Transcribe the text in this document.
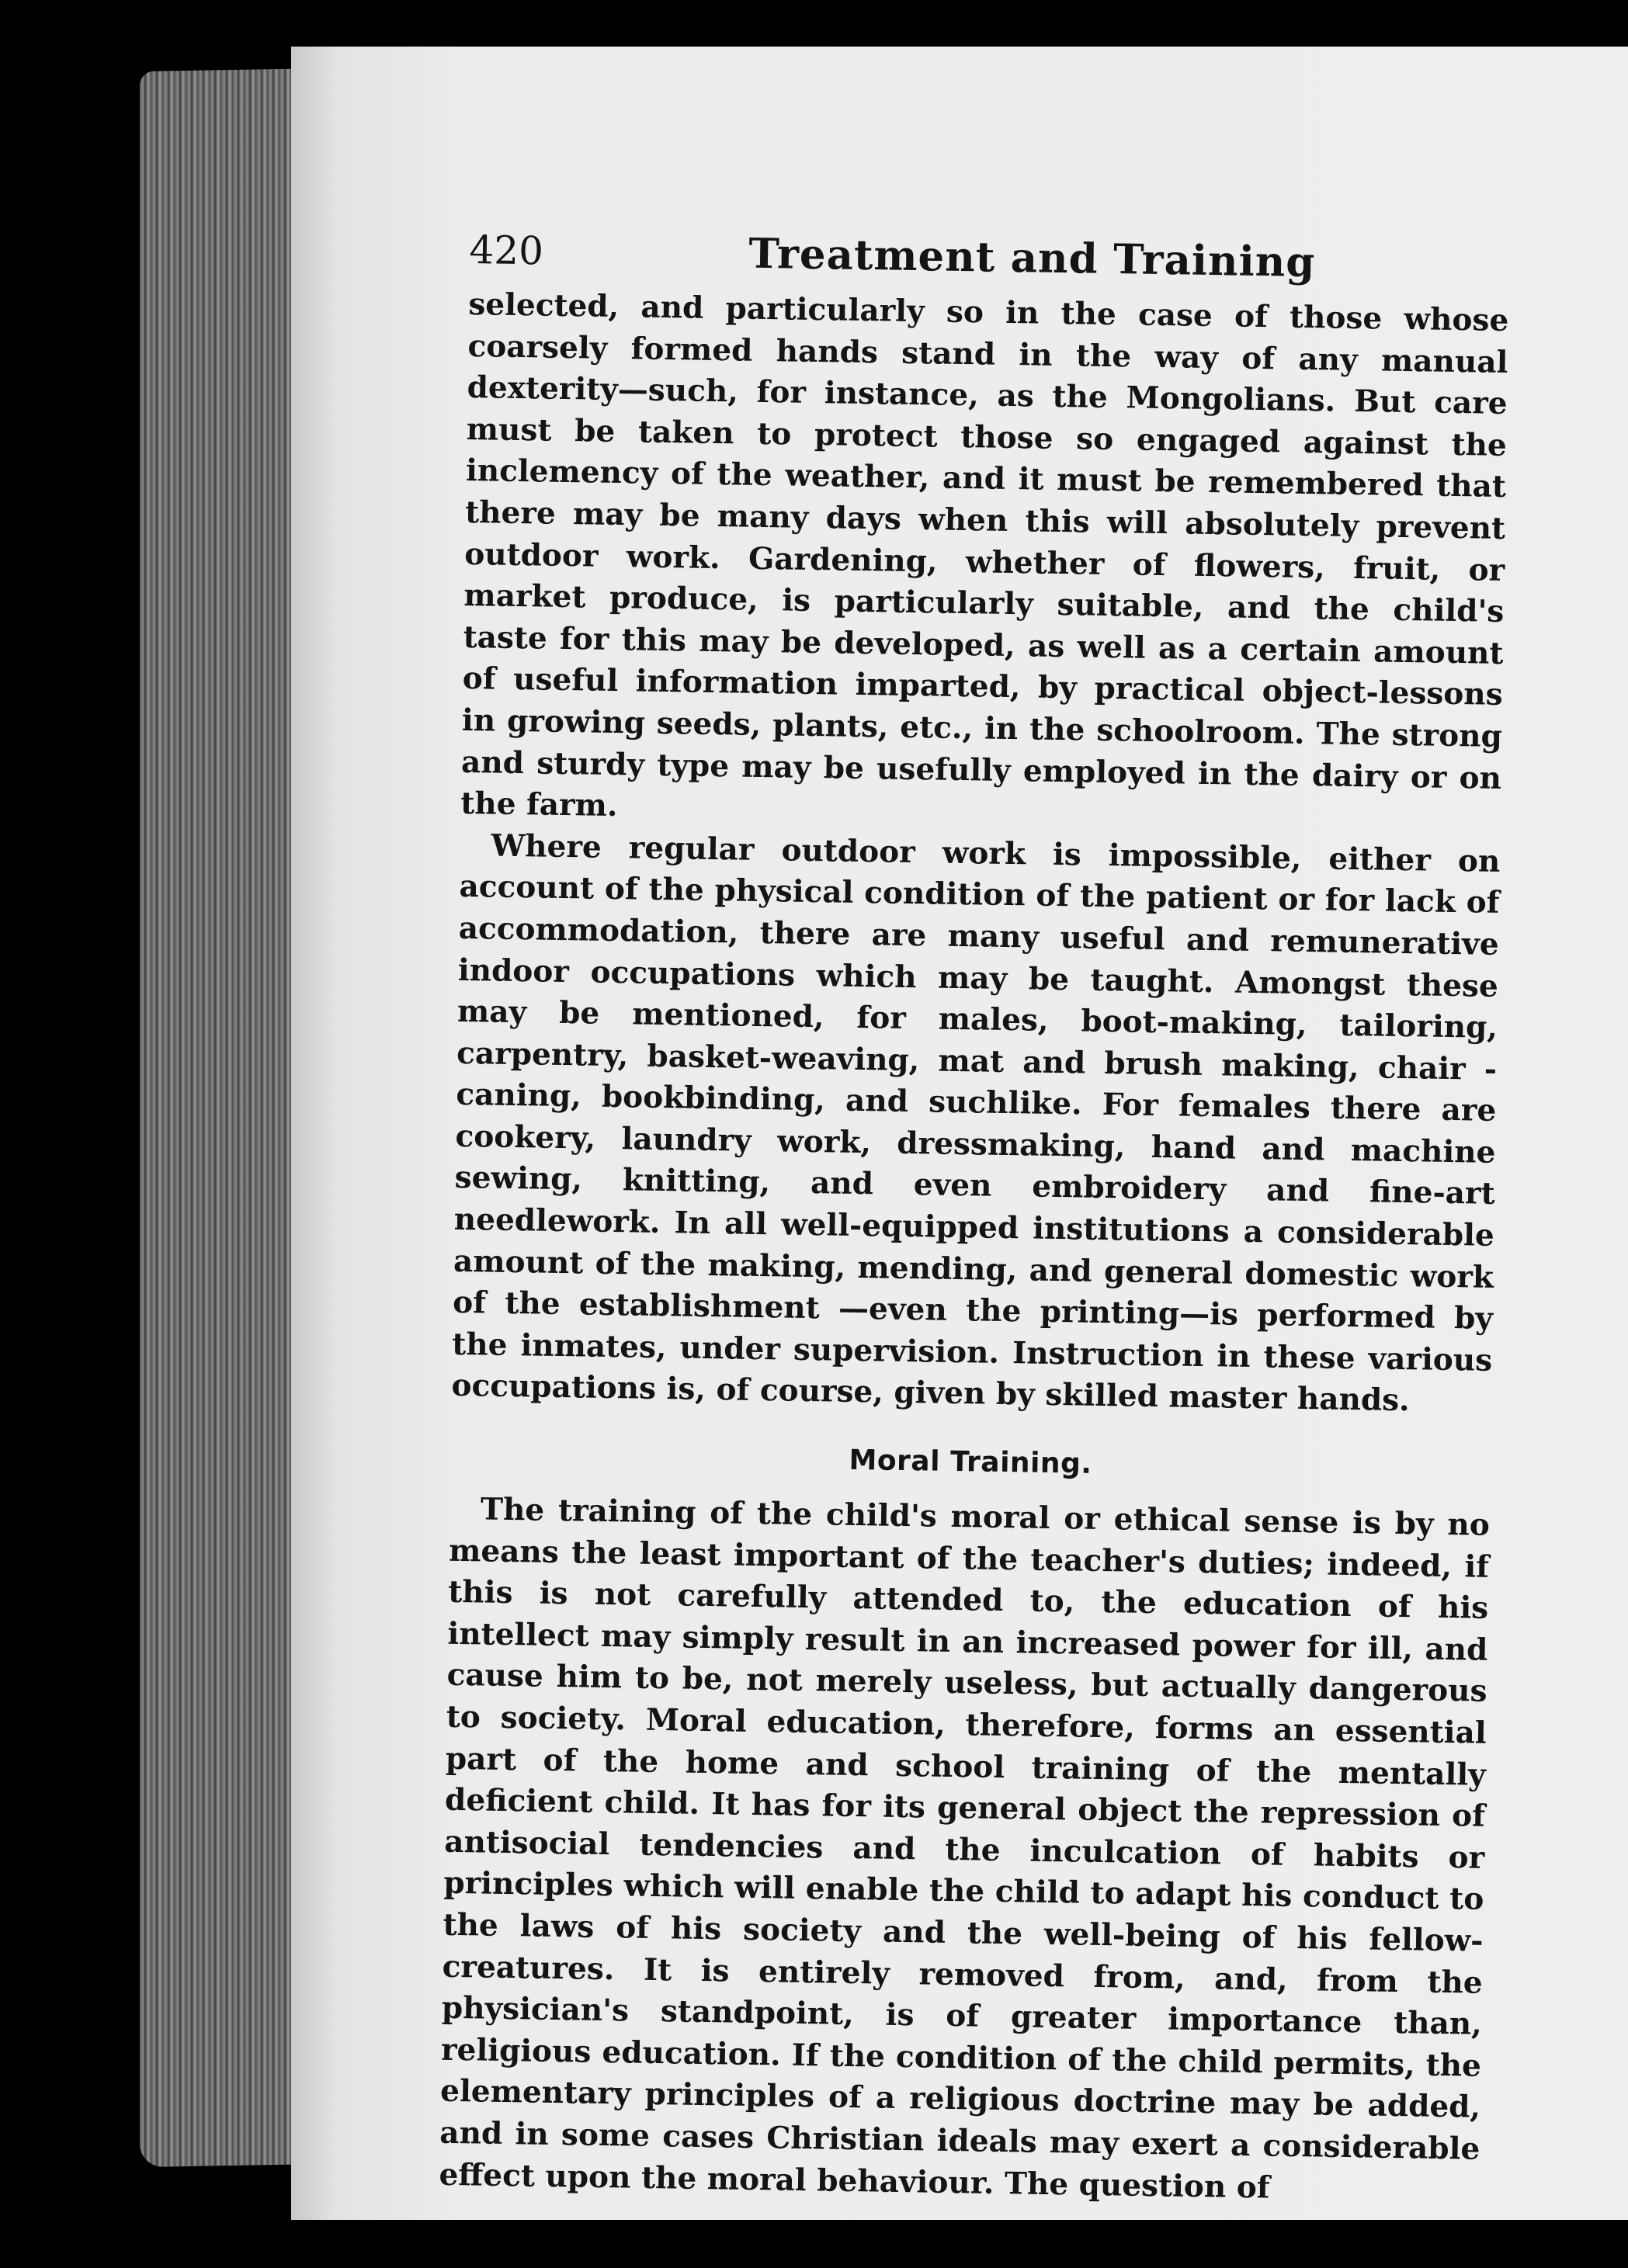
420	Treatment and Training

selected, and particularly so in the case of those whose coarsely formed hands stand in the way of any manual dexterity—such, for instance, as the Mongolians. But care must be taken to protect those so engaged against the inclemency of the weather, and it must be remembered that there may be many days when this will absolutely prevent outdoor work. Gardening, whether of flowers, fruit, or market produce, is particularly suitable, and the child's taste for this may be developed, as well as a certain amount of useful information imparted, by practical object-lessons in growing seeds, plants, etc., in the schoolroom. The strong and sturdy type may be usefully employed in the dairy or on the farm.

Where regular outdoor work is impossible, either on account of the physical condition of the patient or for lack of accommodation, there are many useful and remunerative indoor occupations which may be taught. Amongst these may be mentioned, for males, boot-making, tailoring, carpentry, basket-weaving, mat and brush making, chair - caning, bookbinding, and suchlike. For females there are cookery, laundry work, dressmaking, hand and machine sewing, knitting, and even embroidery and fine-art needlework. In all well-equipped institutions a considerable amount of the making, mending, and general domestic work of the establishment —even the printing—is performed by the inmates, under supervision. Instruction in these various occupations is, of course, given by skilled master hands.

Moral Training.

The training of the child's moral or ethical sense is by no means the least important of the teacher's duties; indeed, if this is not carefully attended to, the education of his intellect may simply result in an increased power for ill, and cause him to be, not merely useless, but actually dangerous to society. Moral education, therefore, forms an essential part of the home and school training of the mentally deficient child. It has for its general object the repression of antisocial tendencies and the inculcation of habits or principles which will enable the child to adapt his conduct to the laws of his society and the well-being of his fellow-creatures. It is entirely removed from, and, from the physician's standpoint, is of greater importance than, religious education. If the condition of the child permits, the elementary principles of a religious doctrine may be added, and in some cases Christian ideals may exert a considerable effect upon the moral behaviour. The question of
